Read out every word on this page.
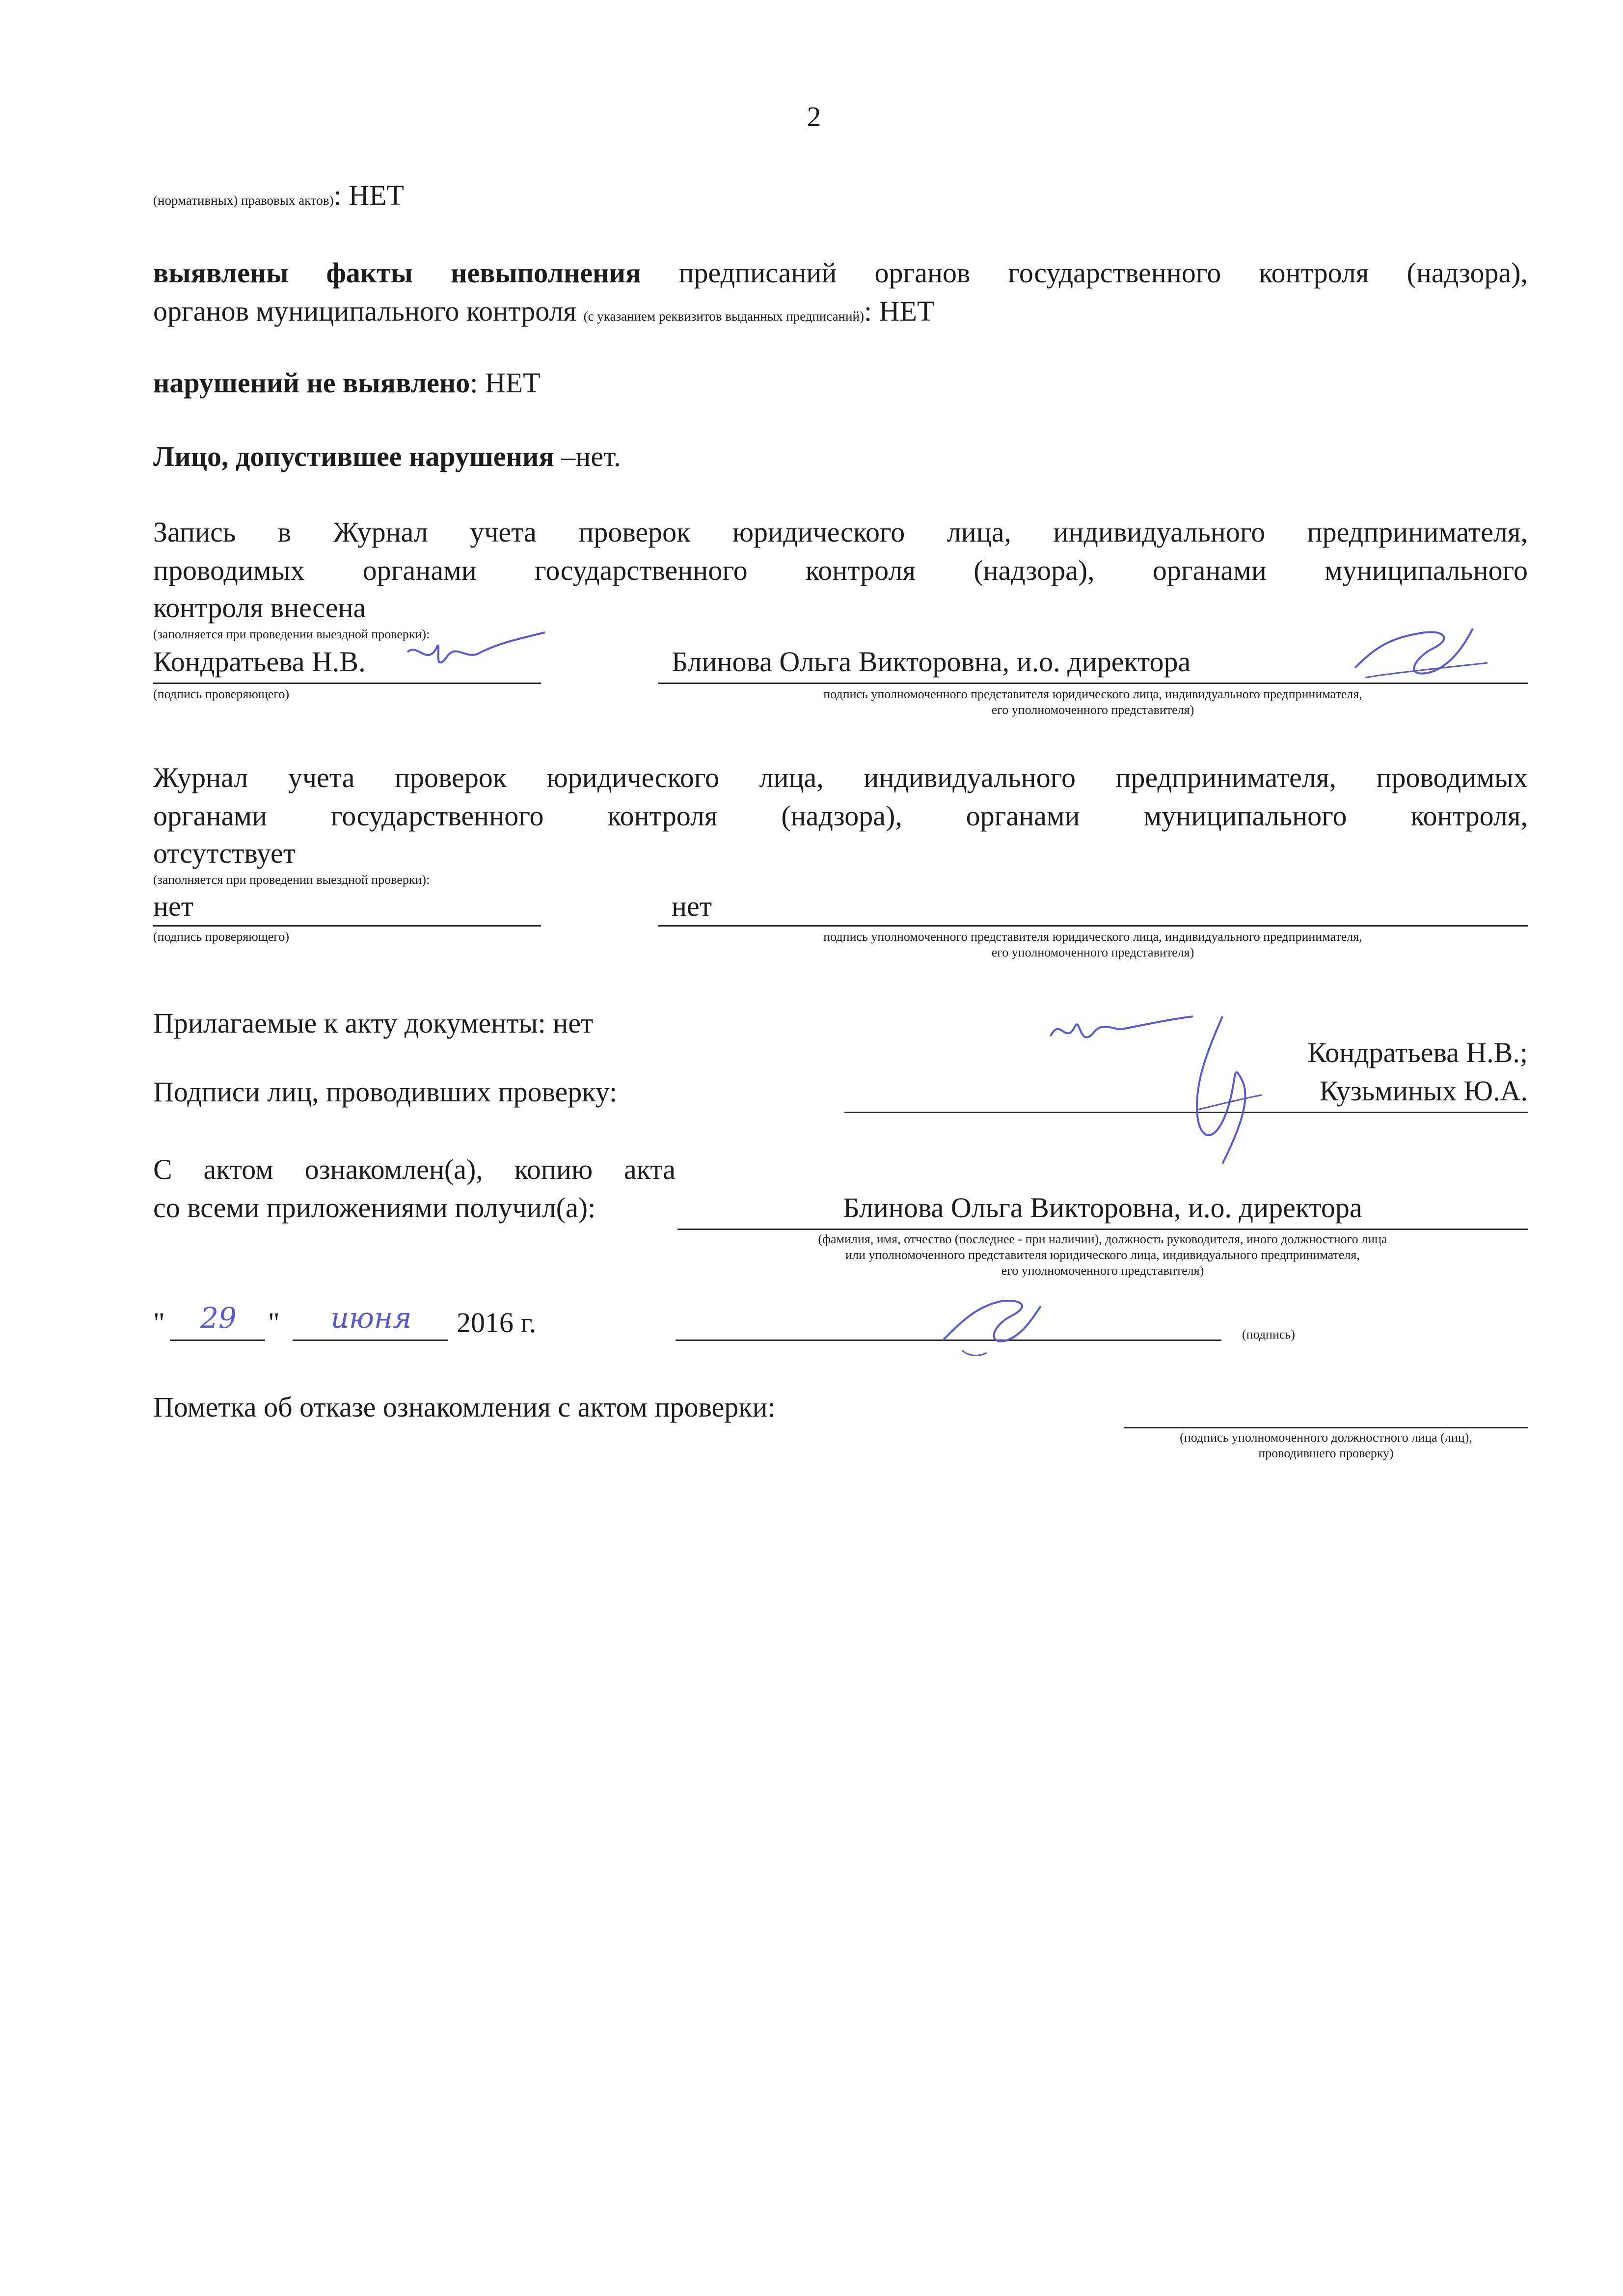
2
(нормативных) правовых актов): НЕТ
выявлены факты невыполнения предписаний органов государственного контроля (надзора),
органов муниципального контроля (с указанием реквизитов выданных предписаний): НЕТ
нарушений не выявлено: НЕТ
Лицо, допустившее нарушения –нет.
Запись в Журнал учета проверок юридического лица, индивидуального предпринимателя,
проводимых органами государственного контроля (надзора), органами муниципального
контроля внесена
(заполняется при проведении выездной проверки):
Кондратьева Н.В.	Блинова Ольга Викторовна, и.о. директора
(подпись проверяющего)	подпись уполномоченного представителя юридического лица, индивидуального предпринимателя,
его уполномоченного представителя)
Журнал учета проверок юридического лица, индивидуального предпринимателя, проводимых
органами государственного контроля (надзора), органами муниципального контроля,
отсутствует
(заполняется при проведении выездной проверки):
нет	нет
(подпись проверяющего)	подпись уполномоченного представителя юридического лица, индивидуального предпринимателя,
его уполномоченного представителя)
Прилагаемые к акту документы: нет
Подписи лиц, проводивших проверку:
Кондратьева Н.В.;
Кузьминых Ю.А.
С актом ознакомлен(а), копию акта
со всеми приложениями получил(а):	Блинова Ольга Викторовна, и.о. директора
(фамилия, имя, отчество (последнее - при наличии), должность руководителя, иного должностного лица
или уполномоченного представителя юридического лица, индивидуального предпринимателя,
его уполномоченного представителя)
"	29	"	июня	2016 г.	(подпись)
Пометка об отказе ознакомления с актом проверки:
(подпись уполномоченного должностного лица (лиц),
проводившего проверку)
